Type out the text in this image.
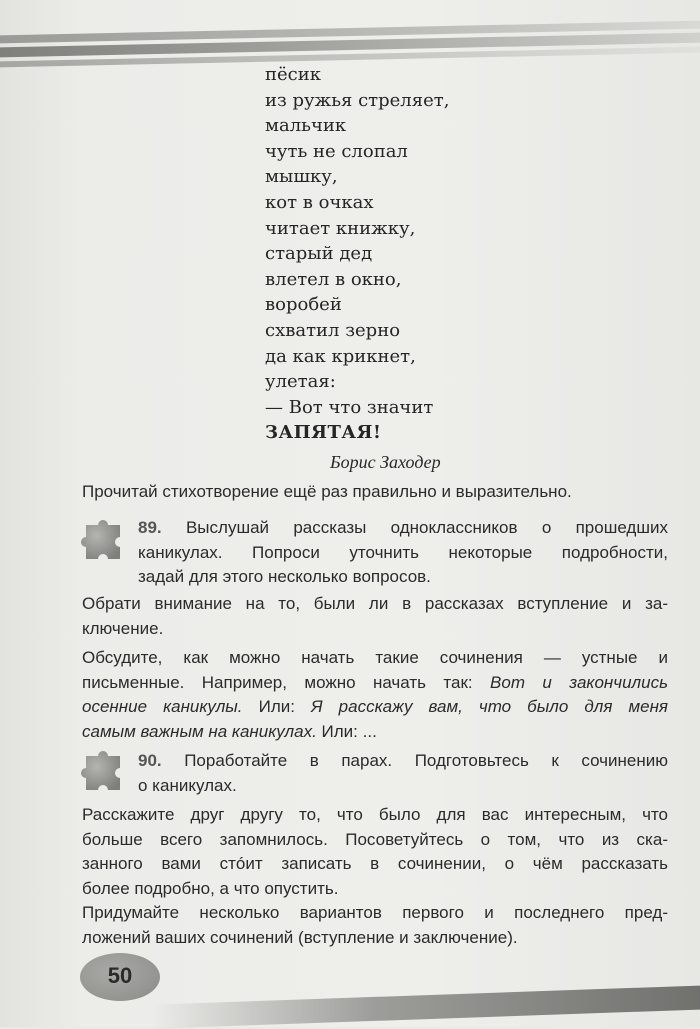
пёсик
из ружья стреляет,
мальчик
чуть не слопал
мышку,
кот в очках
читает книжку,
старый дед
влетел в окно,
воробей
схватил зерно
да как крикнет,
улетая:
— Вот что значит
ЗАПЯТАЯ!
Борис Заходер
Прочитай стихотворение ещё раз правильно и выразительно.
89. Выслушай рассказы одноклассников о прошедших
каникулах. Попроси уточнить некоторые подробности,
задай для этого несколько вопросов.
Обрати внимание на то, были ли в рассказах вступление и за-
ключение.
Обсудите, как можно начать такие сочинения — устные и
письменные. Например, можно начать так: Вот и закончились
осенние каникулы. Или: Я расскажу вам, что было для меня
самым важным на каникулах. Или: ...
90. Поработайте в парах. Подготовьтесь к сочинению
о каникулах.
Расскажите друг другу то, что было для вас интересным, что
больше всего запомнилось. Посоветуйтесь о том, что из ска-
занного вами стóит записать в сочинении, о чём рассказать
более подробно, а что опустить.
Придумайте несколько вариантов первого и последнего пред-
ложений ваших сочинений (вступление и заключение).
50
